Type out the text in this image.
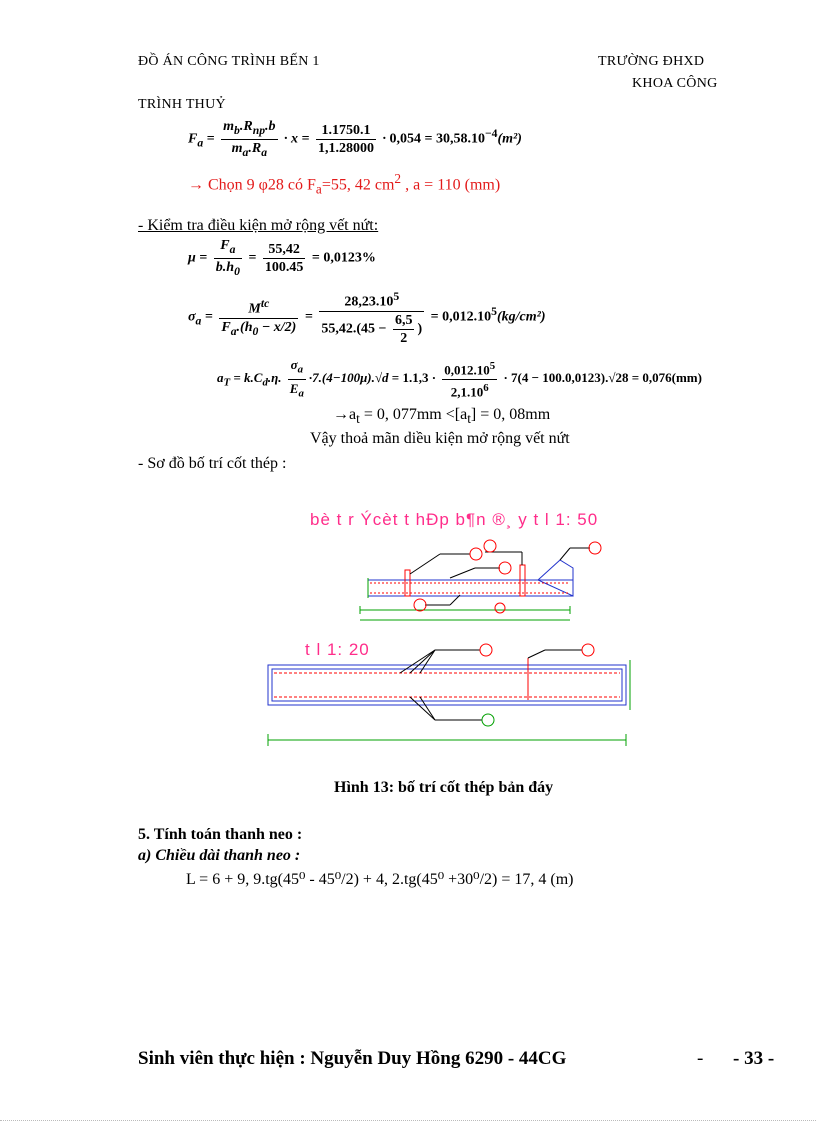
ĐỒ ÁN CÔNG TRÌNH BẾN 1	TRƯỜNG ĐHXD
KHOA CÔNG
TRÌNH THUỶ
$F_a = \frac{m_b.R_{np}.b}{m_a.R_a} \cdot x = \frac{1.1750.1}{1,1.28000} \cdot 0,054 = 30,58.10^{-4}(m^2)$
→ Chọn 9 φ28 có $F_a=55$, 42 $cm^2$ , a = 110 (mm)
- Kiểm tra điều kiện mở rộng vết nứt:
$\mu = \frac{F_a}{b.h_0} = \frac{55,42}{100.45} = 0,0123\%$
$\sigma_a = \frac{M^{tc}}{F_a.(h_0 - x/2)} = \frac{28,23.10^5}{55,42.(45 - \frac{6,5}{2} )} = 0,012.10^5(kg/cm^2)$
$a_T = k.C_d.\eta$. $\frac{\sigma_a}{E_a} \cdot 7.(4-100\mu).√d = 1.1,3 \cdot \frac{0,012.10^5}{2,1.10^6} \cdot 7(4 - 100.0,0123).√28 = 0,076(mm)$
$\to a_t = 0$, $077mm <[a_t] = 0$, 08mm
Vậy thoả mãn diều kiện mở rộng vết nứt
- Sơ đồ bố trí cốt thép :
bè t r Ýcèt t hÐp b¶n ®¸ y t l 1: 50
t l 1: 20
Hình 13: bố trí cốt thép bản đáy
5. Tính toán thanh neo :
a) Chiều dài thanh neo :
L = 6 + 9, 9.tg(45⁰ - 45⁰/2) + 4, 2.tg(45⁰ +30⁰/2) = 17, 4 (m)
Sinh viên thực hiện : Nguyễn Duy Hồng 6290 - 44CG	- - 33 -
